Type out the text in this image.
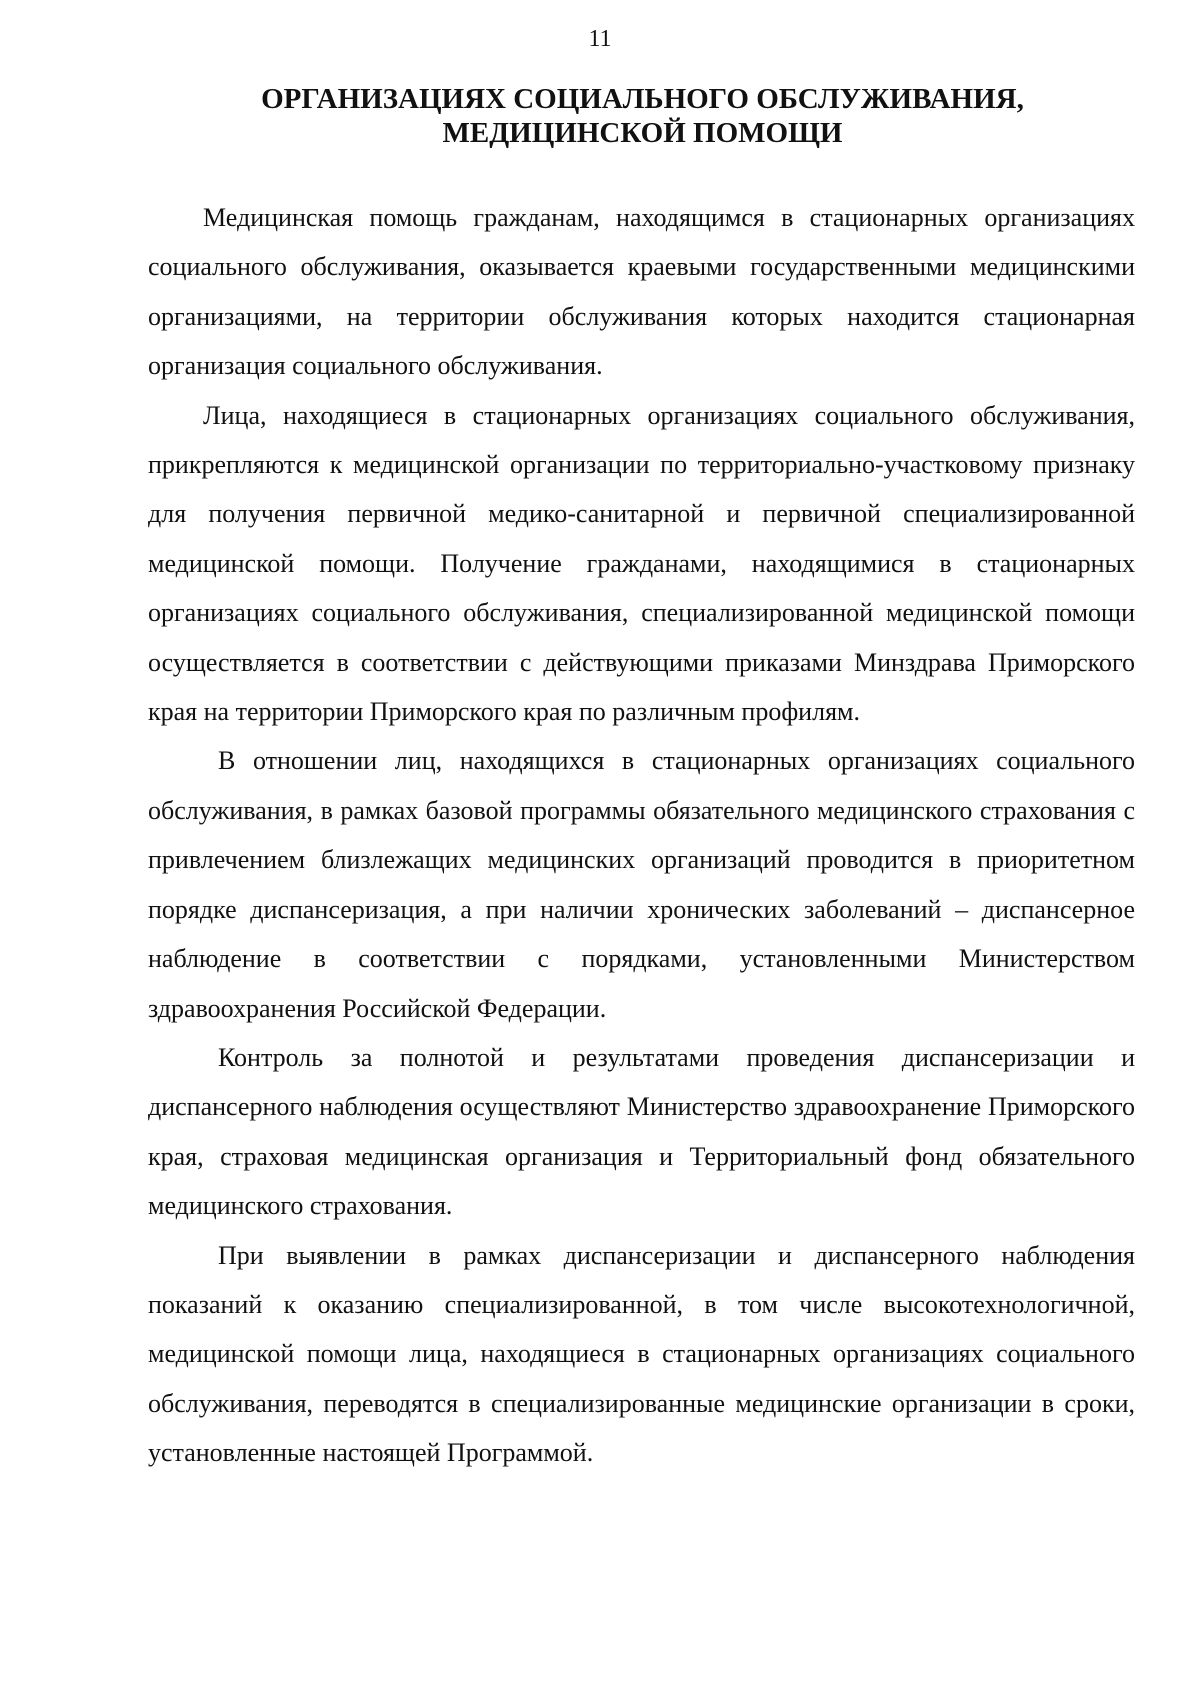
11
ОРГАНИЗАЦИЯХ СОЦИАЛЬНОГО ОБСЛУЖИВАНИЯ,
МЕДИЦИНСКОЙ ПОМОЩИ

Медицинская помощь гражданам, находящимся в стационарных организациях социального обслуживания, оказывается краевыми государственными медицинскими организациями, на территории обслуживания которых находится стационарная организация социального обслуживания.

Лица, находящиеся в стационарных организациях социального обслуживания, прикрепляются к медицинской организации по территориально-участковому признаку для получения первичной медико-санитарной и первичной специализированной медицинской помощи. Получение гражданами, находящимися в стационарных организациях социального обслуживания, специализированной медицинской помощи осуществляется в соответствии с действующими приказами Минздрава Приморского края на территории Приморского края по различным профилям.

В отношении лиц, находящихся в стационарных организациях социального обслуживания, в рамках базовой программы обязательного медицинского страхования с привлечением близлежащих медицинских организаций проводится в приоритетном порядке диспансеризация, а при наличии хронических заболеваний – диспансерное наблюдение в соответствии с порядками, установленными Министерством здравоохранения Российской Федерации.

Контроль за полнотой и результатами проведения диспансеризации и диспансерного наблюдения осуществляют Министерство здравоохранение Приморского края, страховая медицинская организация и Территориальный фонд обязательного медицинского страхования.

При выявлении в рамках диспансеризации и диспансерного наблюдения показаний к оказанию специализированной, в том числе высокотехнологичной, медицинской помощи лица, находящиеся в стационарных организациях социального обслуживания, переводятся в специализированные медицинские организации в сроки, установленные настоящей Программой.
